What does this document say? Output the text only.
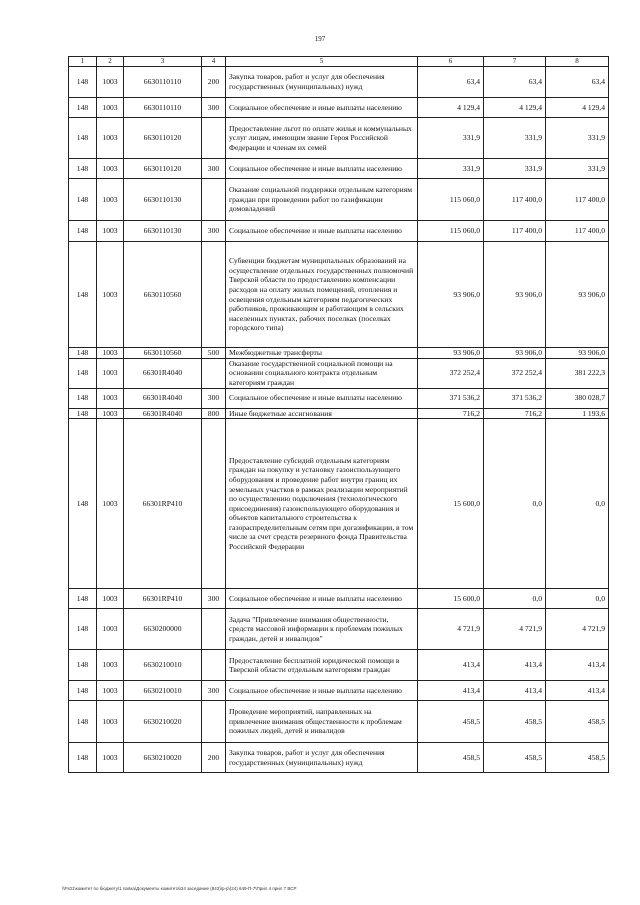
197
1	2	3	4	5	6	7	8
148	1003	6630110110	200	Закупка товаров, работ и услуг для обеспечения государственных (муниципальных) нужд	63,4	63,4	63,4
148	1003	6630110110	300	Социальное обеспечение и иные выплаты населению	4 129,4	4 129,4	4 129,4
148	1003	6630110120		Предоставление льгот по оплате жилья и коммунальных услуг лицам, имеющим звание Героя Российской Федерации и членам их семей	331,9	331,9	331,9
148	1003	6630110120	300	Социальное обеспечение и иные выплаты населению	331,9	331,9	331,9
148	1003	6630110130		Оказание социальной поддержки отдельным категориям граждан при проведении работ по газификации домовладений	115 060,0	117 400,0	117 400,0
148	1003	6630110130	300	Социальное обеспечение и иные выплаты населению	115 060,0	117 400,0	117 400,0
148	1003	6630110560		Субвенции бюджетам муниципальных образований на осуществление отдельных государственных полномочий Тверской области по предоставлению компенсации расходов на оплату жилых помещений, отопления и освещения отдельным категориям педагогических работников, проживающим и работающим в сельских населенных пунктах, рабочих поселках (поселках городского типа)	93 906,0	93 906,0	93 906,0
148	1003	6630110560	500	Межбюджетные трансферты	93 906,0	93 906,0	93 906,0
148	1003	66301R4040		Оказание государственной социальной помощи на основании социального контракта отдельным категориям граждан	372 252,4	372 252,4	381 222,3
148	1003	66301R4040	300	Социальное обеспечение и иные выплаты населению	371 536,2	371 536,2	380 028,7
148	1003	66301R4040	800	Иные бюджетные ассигнования	716,2	716,2	1 193,6
148	1003	66301RP410		Предоставление субсидий отдельным категориям граждан на покупку и установку газоиспользующего оборудования и проведение работ внутри границ их земельных участков в рамках реализации мероприятий по осуществлению подключения (технологического присоединения) газоиспользующего оборудования и объектов капитального строительства к газораспределительным сетям при догазификации, в том числе за счет средств резервного фонда Правительства Российской Федерации	15 600,0	0,0	0,0
148	1003	66301RP410	300	Социальное обеспечение и иные выплаты населению	15 600,0	0,0	0,0
148	1003	6630200000		Задача "Привлечение внимания общественности, средств массовой информации к проблемам пожилых граждан, детей и инвалидов"	4 721,9	4 721,9	4 721,9
148	1003	6630210010		Предоставление бесплатной юридической помощи в Тверской области отдельным категориям граждан	413,4	413,4	413,4
148	1003	6630210010	300	Социальное обеспечение и иные выплаты населению	413,4	413,4	413,4
148	1003	6630210020		Проведение мероприятий, направленных на привлечение внимания общественности к проблемам пожилых людей, детей и инвалидов	458,5	458,5	458,5
148	1003	6630210020	200	Закупка товаров, работ и услуг для обеспечения государственных (муниципальных) нужд	458,5	458,5	458,5
\\Fs01\комитет по бюджету\1 папка\Документы комитета\24 заседание (843)\р-р\(24) 649-П-7\Прил 4 прил 7 ВСР
